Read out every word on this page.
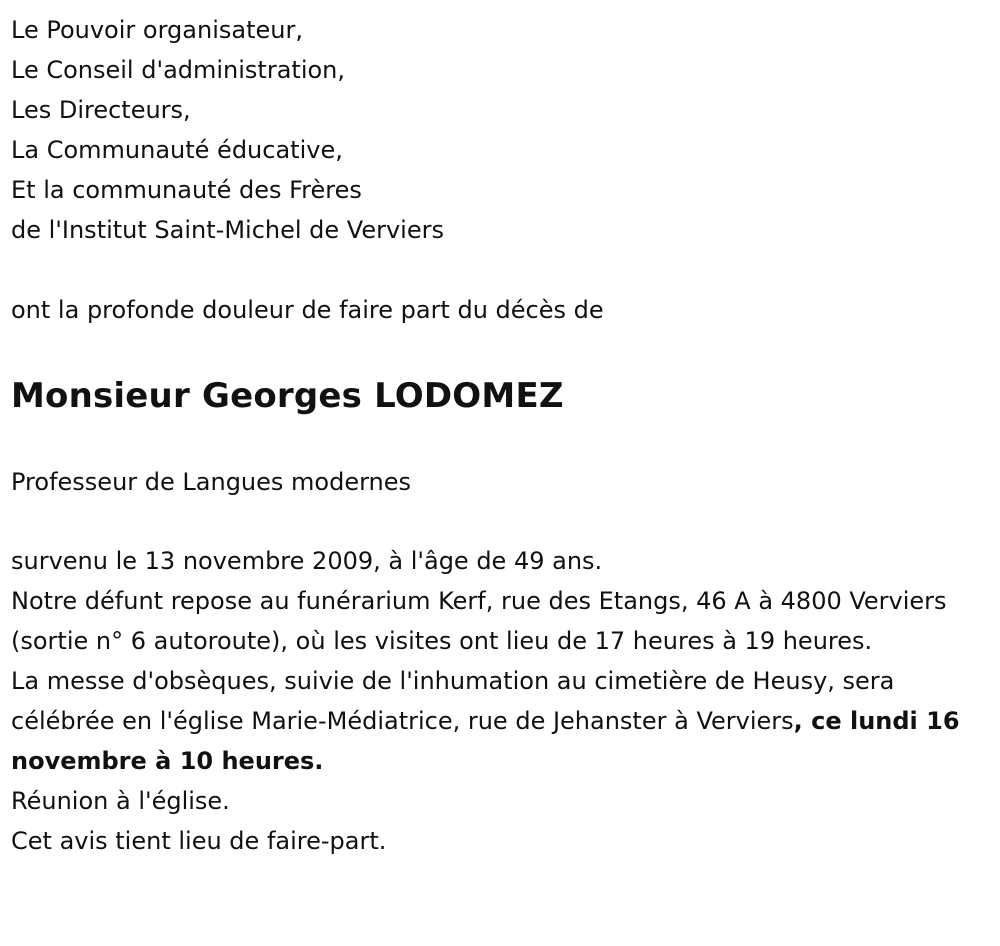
Le Pouvoir organisateur,

Le Conseil d'administration,

Les Directeurs,

La Communauté éducative,

Et la communauté des Frères

de l'Institut Saint-Michel de Verviers

ont la profonde douleur de faire part du décès de

Monsieur Georges LODOMEZ

Professeur de Langues modernes

survenu le 13 novembre 2009, à l'âge de 49 ans.

Notre défunt repose au funérarium Kerf, rue des Etangs, 46 A à 4800 Verviers (sortie n° 6 autoroute), où les visites ont lieu de 17 heures à 19 heures.

La messe d'obsèques, suivie de l'inhumation au cimetière de Heusy, sera célébrée en l'église Marie-Médiatrice, rue de Jehanster à Verviers, ce lundi 16 novembre à 10 heures.

Réunion à l'église.

Cet avis tient lieu de faire-part.
